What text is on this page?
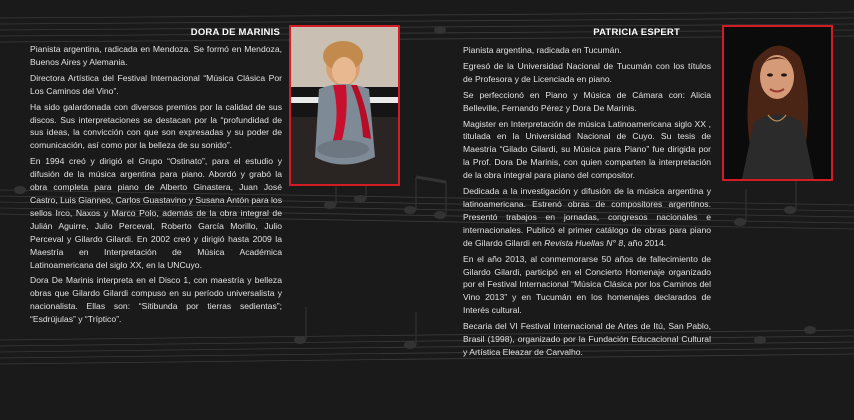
DORA DE MARINIS

Pianista argentina, radicada en Mendoza. Se formó en Mendoza, Buenos Aires y Alemania.

Directora Artística del Festival Internacional “Música Clásica Por Los Caminos del Vino”.

Ha sido galardonada con diversos premios por la calidad de sus discos. Sus interpretaciones se destacan por la “profundidad de sus ideas, la convicción con que son expresadas y su poder de comunicación, así como por la belleza de su sonido”.

En 1994 creó y dirigió el Grupo “Ostinato”, para el estudio y difusión de la música argentina para piano. Abordó y grabó la obra completa para piano de Alberto Ginastera, Juan José Castro, Luis Gianneo, Carlos Guastavino y Susana Antón para los sellos Irco, Naxos y Marco Polo, además de la obra integral de Julián Aguirre, Julio Perceval, Roberto García Morillo, Julio Perceval y Gilardo Gilardi. En 2002 creó y dirigió hasta 2009 la Maestría en Interpretación de Música Académica Latinoamericana del siglo XX, en la UNCuyo.

Dora De Marinis interpreta en el Disco 1, con maestría y belleza obras que Gilardo Gilardi compuso en su período universalista y nacionalista. Ellas son: “Sitibunda por tierras sedientas”; “Esdrújulas” y “Tríptico”.

PATRICIA ESPERT

Pianista argentina, radicada en Tucumán.

Egresó de la Universidad Nacional de Tucumán con los títulos de Profesora y de Licenciada en piano.

Se perfeccionó en Piano y Música de Cámara con: Alicia Belleville, Fernando Pérez y Dora De Marinis.

Magister en Interpretación de música Latinoamericana siglo XX , titulada en la Universidad Nacional de Cuyo. Su tesis de Maestría “Gilado Gilardi, su Música para Piano” fue dirigida por la Prof. Dora De Marinis, con quien comparten la interpretación de la obra integral para piano del compositor.

Dedicada a la investigación y difusión de la música argentina y latinoamericana. Estrenó obras de compositores argentinos. Presentó trabajos en jornadas, congresos nacionales e internacionales. Publicó el primer catálogo de obras para piano de Gilardo Gilardi en Revista Huellas N° 8, año 2014.

En el año 2013, al conmemorarse 50 años de fallecimiento de Gilardo Gilardi, participó en el Concierto Homenaje organizado por el Festival Internacional “Música Clásica por los Caminos del Vino 2013” y en Tucumán en los homenajes declarados de Interés cultural.

Becaria del VI Festival Internacional de Artes de Itú, San Pablo, Brasil (1998), organizado por la Fundación Educacional Cultural y Artística Eleazar de Carvalho.
